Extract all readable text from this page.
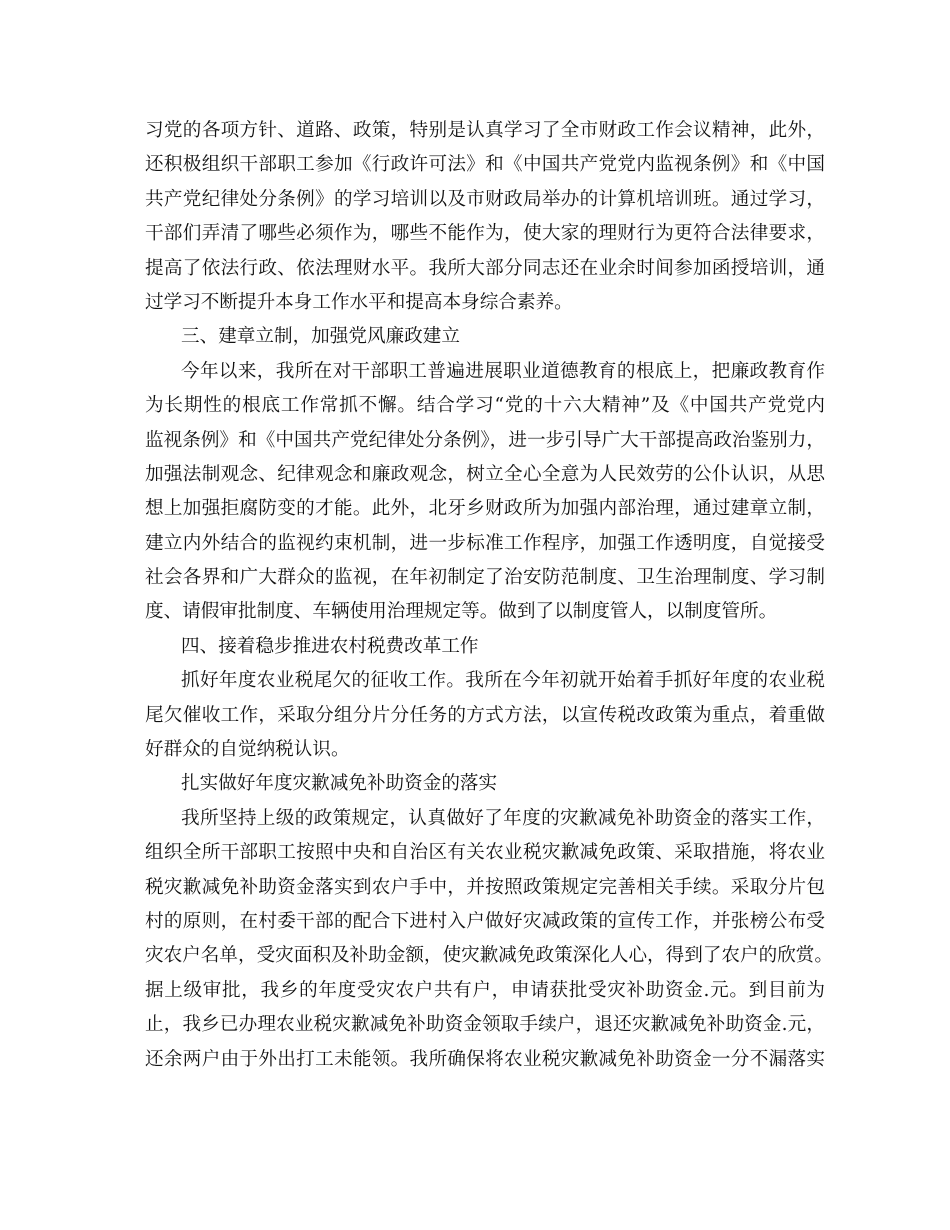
习党的各项方针、道路、政策，特别是认真学习了全市财政工作会议精神，此外，
还积极组织干部职工参加《行政许可法》和《中国共产党党内监视条例》和《中国
共产党纪律处分条例》的学习培训以及市财政局举办的计算机培训班。通过学习，
干部们弄清了哪些必须作为，哪些不能作为，使大家的理财行为更符合法律要求，
提高了依法行政、依法理财水平。我所大部分同志还在业余时间参加函授培训，通
过学习不断提升本身工作水平和提高本身综合素养。
三、建章立制，加强党风廉政建立
今年以来，我所在对干部职工普遍进展职业道德教育的根底上，把廉政教育作
为长期性的根底工作常抓不懈。结合学习“党的十六大精神”及《中国共产党党内
监视条例》和《中国共产党纪律处分条例》，进一步引导广大干部提高政治鉴别力，
加强法制观念、纪律观念和廉政观念，树立全心全意为人民效劳的公仆认识，从思
想上加强拒腐防变的才能。此外，北牙乡财政所为加强内部治理，通过建章立制，
建立内外结合的监视约束机制，进一步标准工作程序，加强工作透明度，自觉接受
社会各界和广大群众的监视，在年初制定了治安防范制度、卫生治理制度、学习制
度、请假审批制度、车辆使用治理规定等。做到了以制度管人，以制度管所。
四、接着稳步推进农村税费改革工作
抓好年度农业税尾欠的征收工作。我所在今年初就开始着手抓好年度的农业税
尾欠催收工作，采取分组分片分任务的方式方法，以宣传税改政策为重点，着重做
好群众的自觉纳税认识。
扎实做好年度灾歉减免补助资金的落实
我所坚持上级的政策规定，认真做好了年度的灾歉减免补助资金的落实工作，
组织全所干部职工按照中央和自治区有关农业税灾歉减免政策、采取措施，将农业
税灾歉减免补助资金落实到农户手中，并按照政策规定完善相关手续。采取分片包
村的原则，在村委干部的配合下进村入户做好灾减政策的宣传工作，并张榜公布受
灾农户名单，受灾面积及补助金额，使灾歉减免政策深化人心，得到了农户的欣赏。
据上级审批，我乡的年度受灾农户共有户，申请获批受灾补助资金.元。到目前为
止，我乡已办理农业税灾歉减免补助资金领取手续户，退还灾歉减免补助资金.元，
还余两户由于外出打工未能领。我所确保将农业税灾歉减免补助资金一分不漏落实
